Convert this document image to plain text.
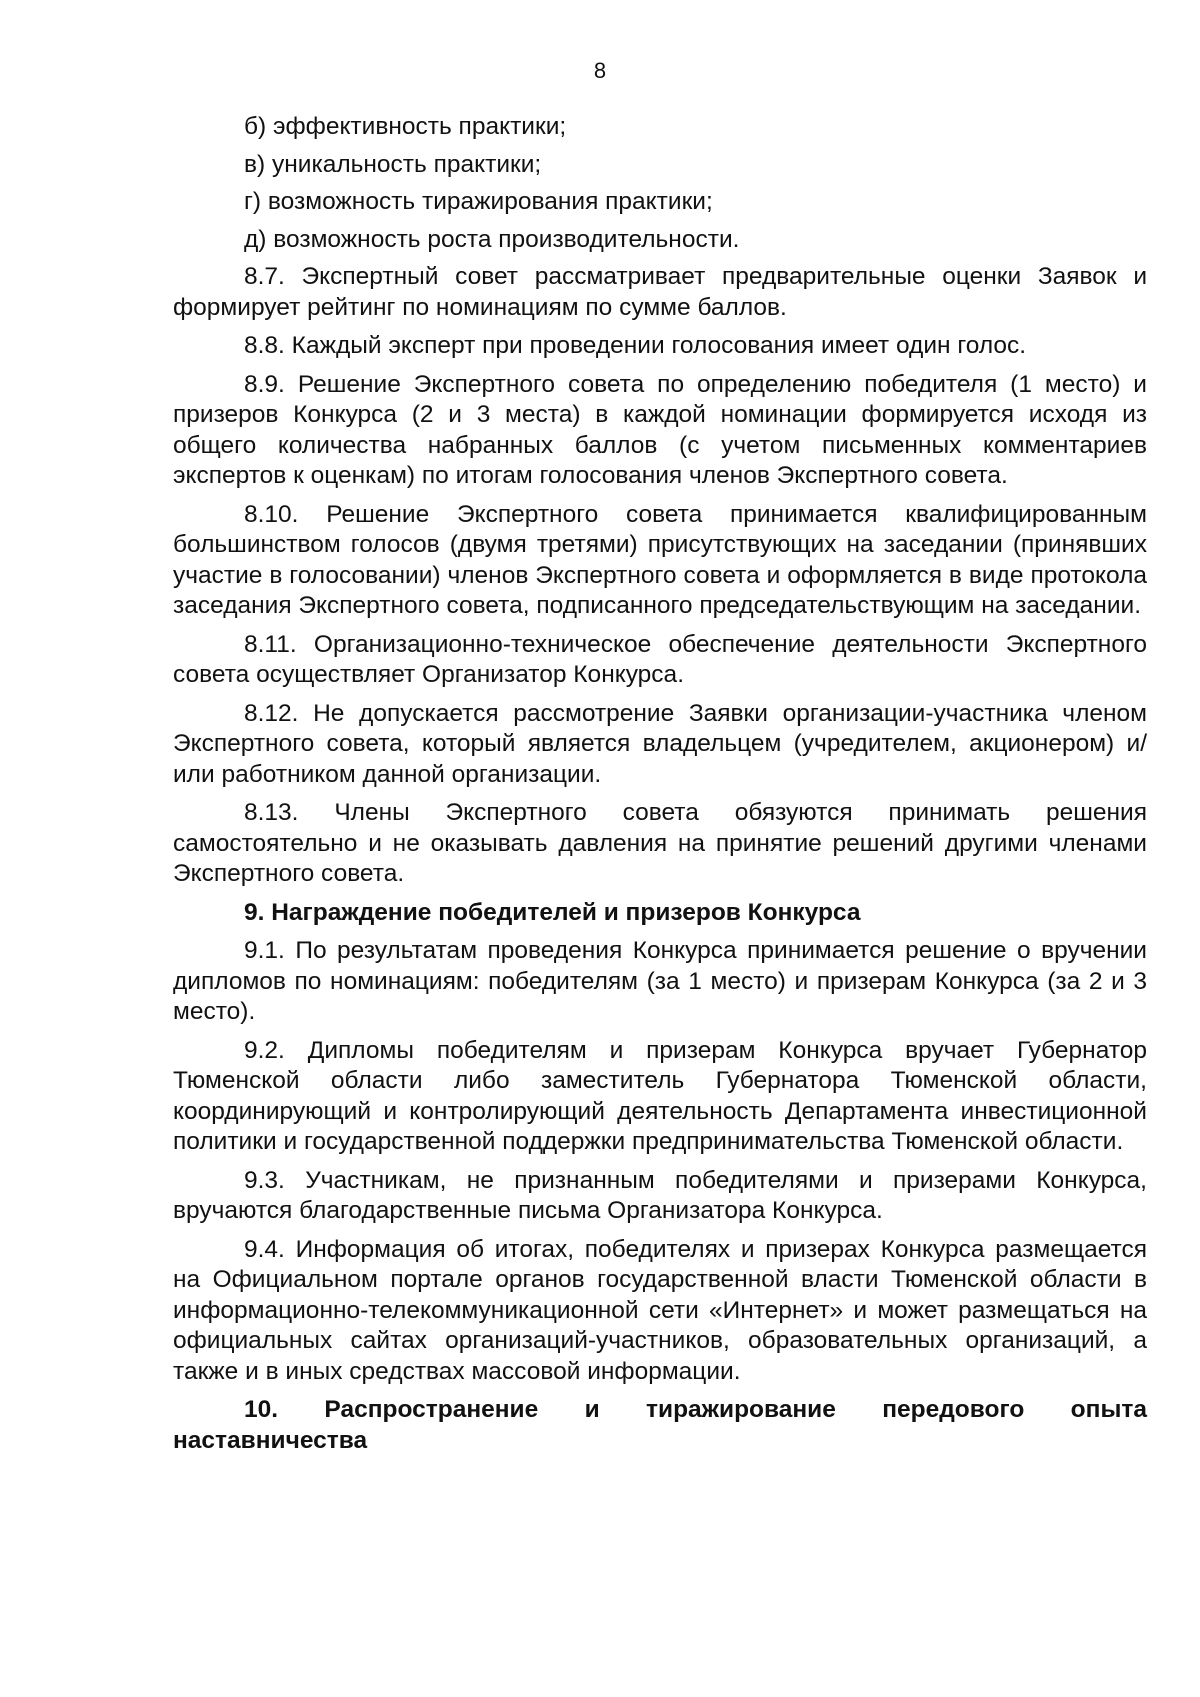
8

б) эффективность практики;

в) уникальность практики;

г) возможность тиражирования практики;

д) возможность роста производительности.

8.7. Экспертный совет рассматривает предварительные оценки Заявок и формирует рейтинг по номинациям по сумме баллов.

8.8. Каждый эксперт при проведении голосования имеет один голос.

8.9. Решение Экспертного совета по определению победителя (1 место) и призеров Конкурса (2 и 3 места) в каждой номинации формируется исходя из общего количества набранных баллов (с учетом письменных комментариев экспертов к оценкам) по итогам голосования членов Экспертного совета.

8.10. Решение Экспертного совета принимается квалифицированным большинством голосов (двумя третями) присутствующих на заседании (принявших участие в голосовании) членов Экспертного совета и оформляется в виде протокола заседания Экспертного совета, подписанного председательствующим на заседании.

8.11. Организационно-техническое обеспечение деятельности Экспертного совета осуществляет Организатор Конкурса.

8.12. Не допускается рассмотрение Заявки организации-участника членом Экспертного совета, который является владельцем (учредителем, акционером) и/или работником данной организации.

8.13. Члены Экспертного совета обязуются принимать решения самостоятельно и не оказывать давления на принятие решений другими членами Экспертного совета.

9. Награждение победителей и призеров Конкурса

9.1. По результатам проведения Конкурса принимается решение о вручении дипломов по номинациям: победителям (за 1 место) и призерам Конкурса (за 2 и 3 место).

9.2. Дипломы победителям и призерам Конкурса вручает Губернатор Тюменской области либо заместитель Губернатора Тюменской области, координирующий и контролирующий деятельность Департамента инвестиционной политики и государственной поддержки предпринимательства Тюменской области.

9.3. Участникам, не признанным победителями и призерами Конкурса, вручаются благодарственные письма Организатора Конкурса.

9.4. Информация об итогах, победителях и призерах Конкурса размещается на Официальном портале органов государственной власти Тюменской области в информационно-телекоммуникационной сети «Интернет» и может размещаться на официальных сайтах организаций-участников, образовательных организаций, а также и в иных средствах массовой информации.

10. Распространение и тиражирование передового опыта наставничества
